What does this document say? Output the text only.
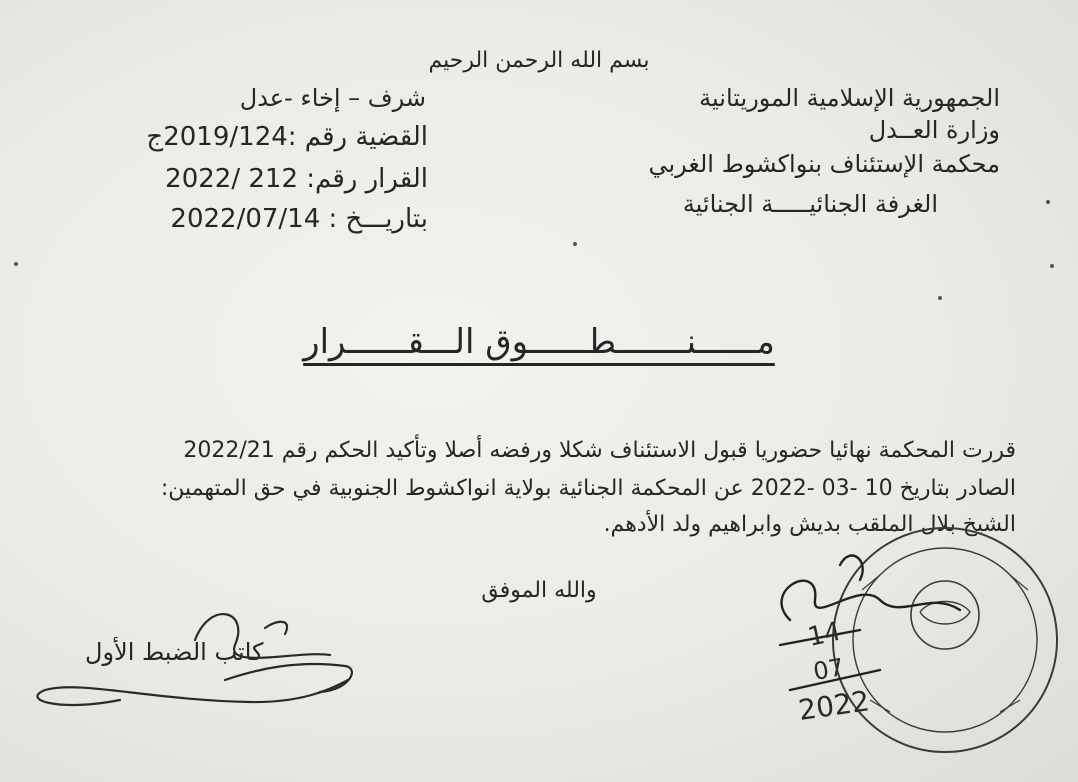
بسم الله الرحمن الرحيم
الجمهورية الإسلامية الموريتانية
وزارة العــدل
محكمة الإستئناف بنواكشوط الغربي
الغرفة الجنائيـــــة الجنائية
شرف – إخاء -عدل
القضية رقم :2019/124ج
القرار رقم: 212 /2022
بتاريـــخ : 2022/07/14
مــــــنـــــــطــــــوق الـــقــــــرار
قررت المحكمة نهائيا حضوريا قبول الاستئناف شكلا ورفضه أصلا وتأكيد الحكم رقم 2022/21
الصادر بتاريخ 10 -03 -2022 عن المحكمة الجنائية بولاية انواكشوط الجنوبية في حق المتهمين:
الشيخ بلال الملقب بديش وابراهيم ولد الأدهم.
والله الموفق
كاتب الضبط الأول	14
07
2022
